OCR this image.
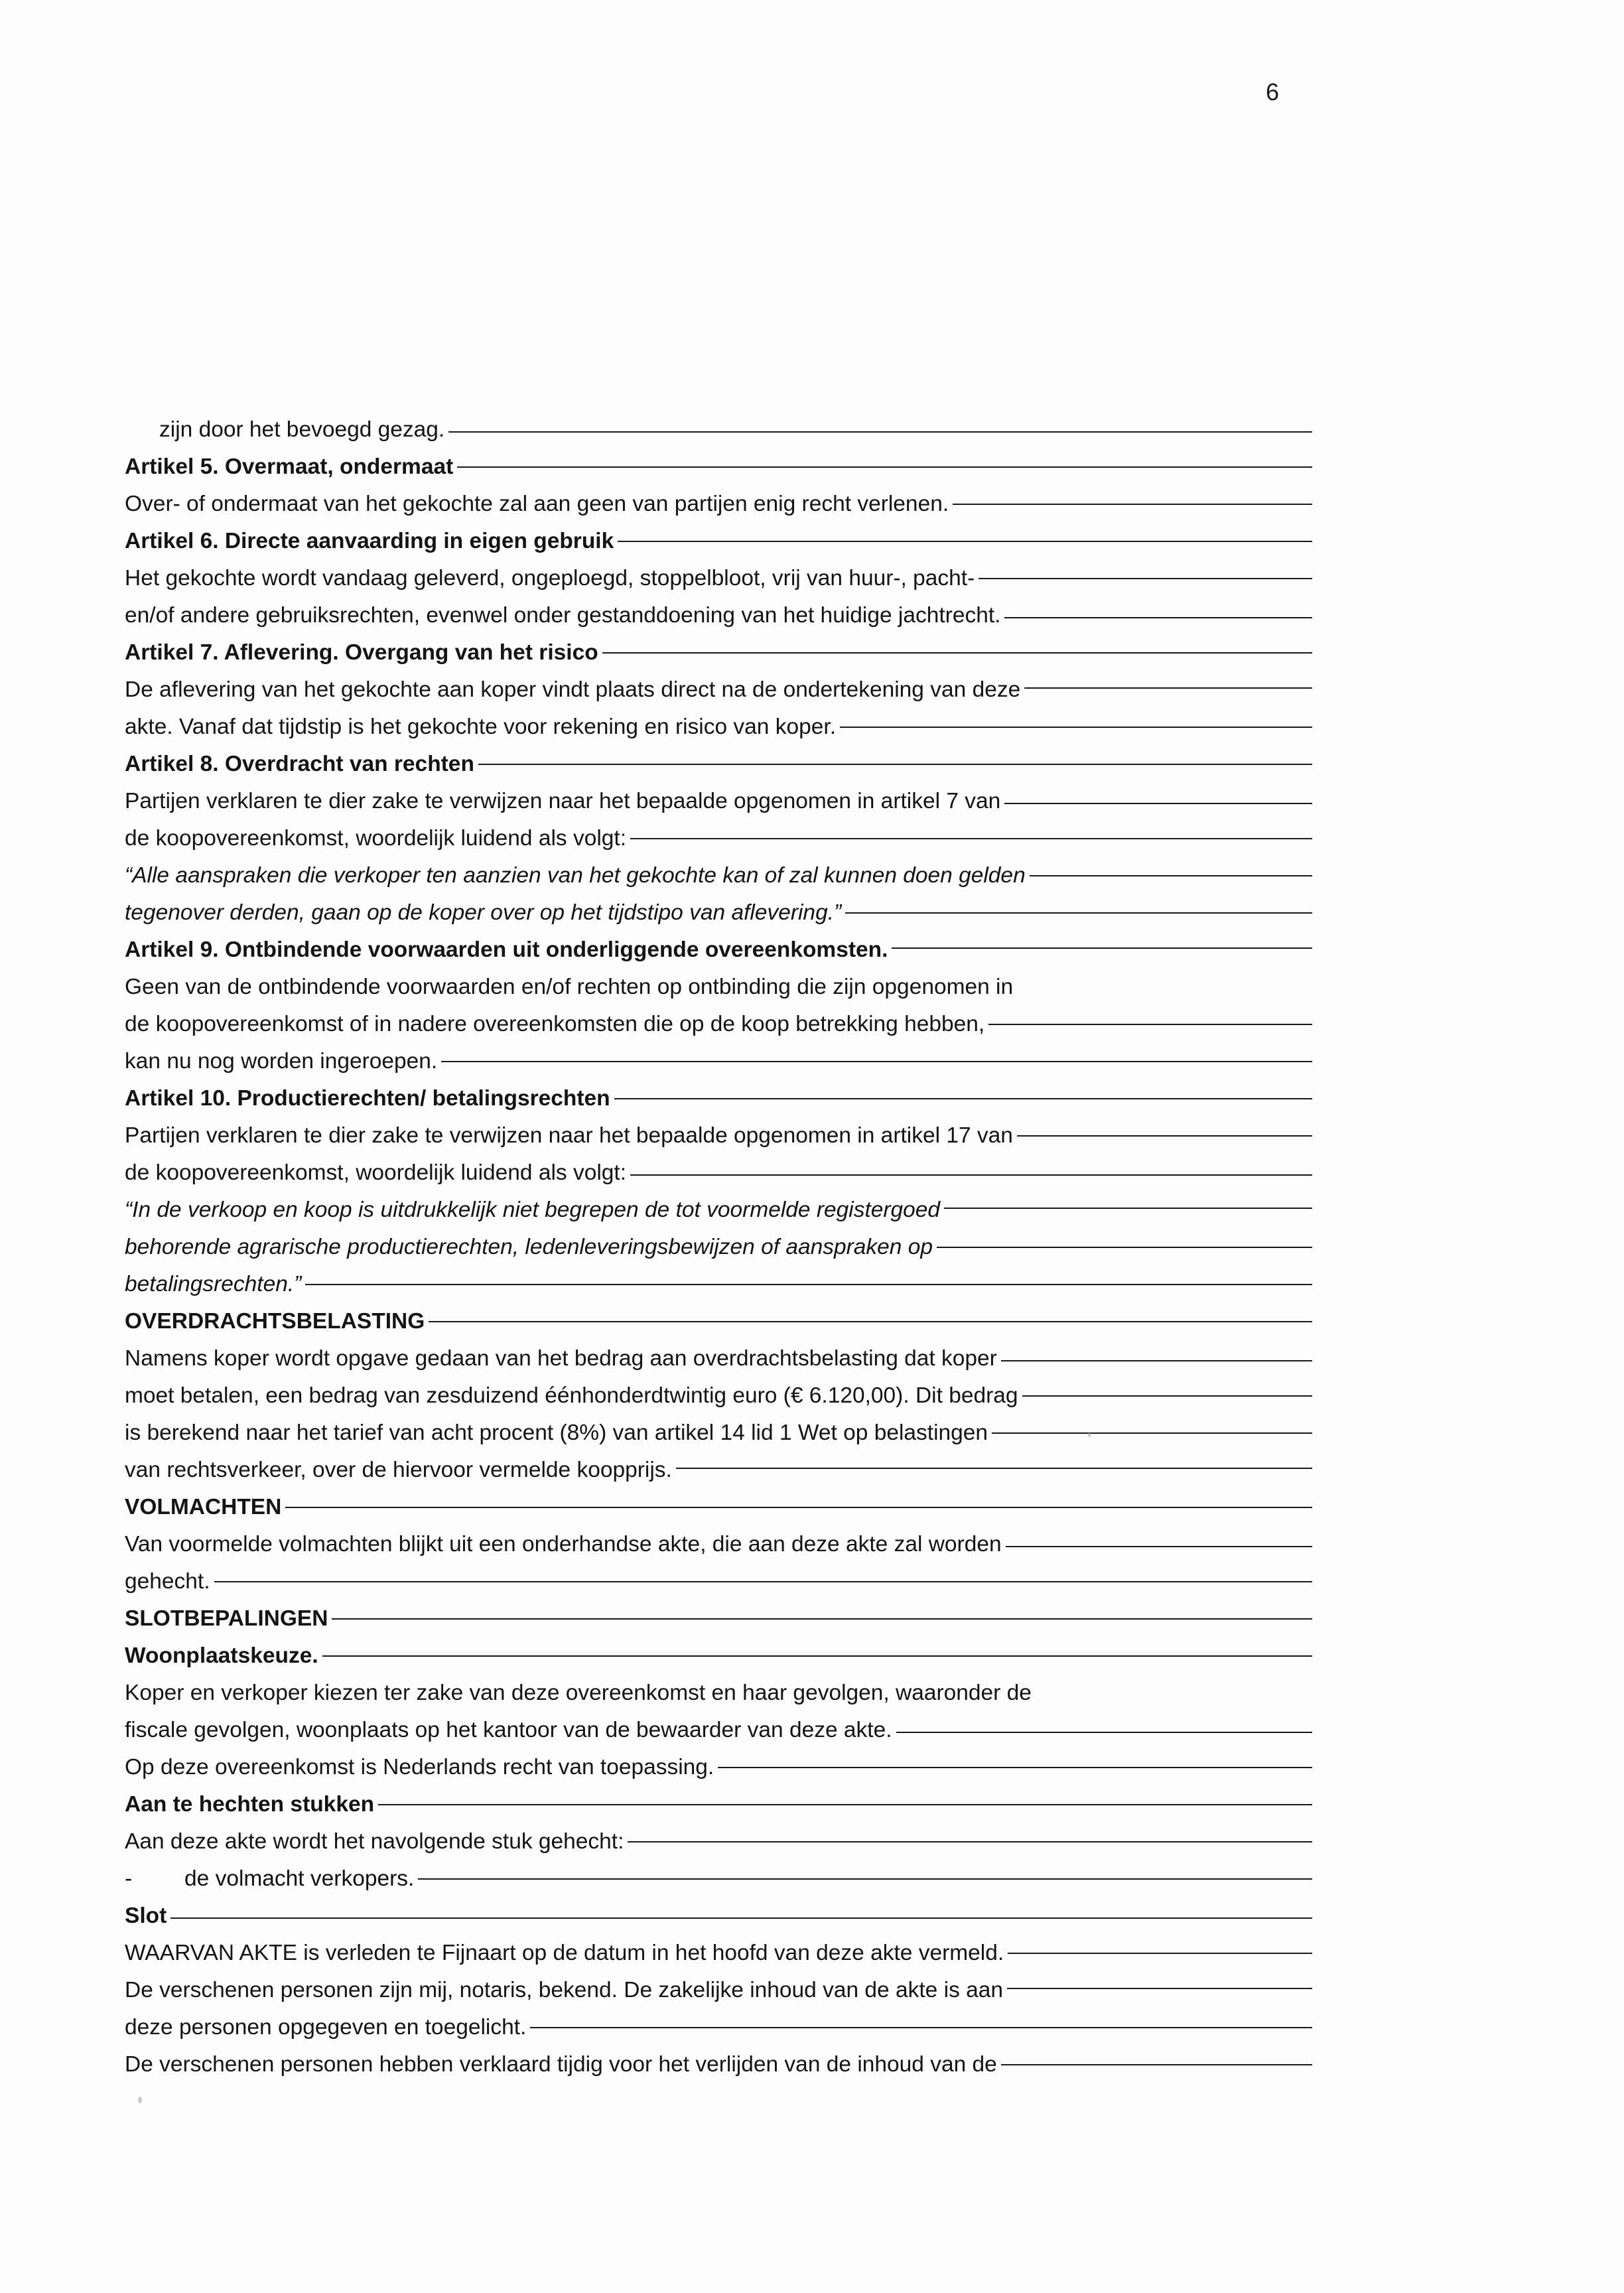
6
zijn door het bevoegd gezag.
Artikel 5. Overmaat, ondermaat
Over- of ondermaat van het gekochte zal aan geen van partijen enig recht verlenen.
Artikel 6. Directe aanvaarding in eigen gebruik
Het gekochte wordt vandaag geleverd, ongeploegd, stoppelbloot, vrij van huur-, pacht-
en/of andere gebruiksrechten, evenwel onder gestanddoening van het huidige jachtrecht.
Artikel 7. Aflevering. Overgang van het risico
De aflevering van het gekochte aan koper vindt plaats direct na de ondertekening van deze
akte. Vanaf dat tijdstip is het gekochte voor rekening en risico van koper.
Artikel 8. Overdracht van rechten
Partijen verklaren te dier zake te verwijzen naar het bepaalde opgenomen in artikel 7 van
de koopovereenkomst, woordelijk luidend als volgt:
“Alle aanspraken die verkoper ten aanzien van het gekochte kan of zal kunnen doen gelden
tegenover derden, gaan op de koper over op het tijdstipo van aflevering.”
Artikel 9. Ontbindende voorwaarden uit onderliggende overeenkomsten.
Geen van de ontbindende voorwaarden en/of rechten op ontbinding die zijn opgenomen in
de koopovereenkomst of in nadere overeenkomsten die op de koop betrekking hebben,
kan nu nog worden ingeroepen.
Artikel 10. Productierechten/ betalingsrechten
Partijen verklaren te dier zake te verwijzen naar het bepaalde opgenomen in artikel 17 van
de koopovereenkomst, woordelijk luidend als volgt:
“In de verkoop en koop is uitdrukkelijk niet begrepen de tot voormelde registergoed
behorende agrarische productierechten, ledenleveringsbewijzen of aanspraken op
betalingsrechten.”
OVERDRACHTSBELASTING
Namens koper wordt opgave gedaan van het bedrag aan overdrachtsbelasting dat koper
moet betalen, een bedrag van zesduizend éénhonderdtwintig euro (€ 6.120,00). Dit bedrag
is berekend naar het tarief van acht procent (8%) van artikel 14 lid 1 Wet op belastingen
van rechtsverkeer, over de hiervoor vermelde koopprijs.
VOLMACHTEN
Van voormelde volmachten blijkt uit een onderhandse akte, die aan deze akte zal worden
gehecht.
SLOTBEPALINGEN
Woonplaatskeuze.
Koper en verkoper kiezen ter zake van deze overeenkomst en haar gevolgen, waaronder de
fiscale gevolgen, woonplaats op het kantoor van de bewaarder van deze akte.
Op deze overeenkomst is Nederlands recht van toepassing.
Aan te hechten stukken
Aan deze akte wordt het navolgende stuk gehecht:
-	de volmacht verkopers.
Slot
WAARVAN AKTE is verleden te Fijnaart op de datum in het hoofd van deze akte vermeld.
De verschenen personen zijn mij, notaris, bekend. De zakelijke inhoud van de akte is aan
deze personen opgegeven en toegelicht.
De verschenen personen hebben verklaard tijdig voor het verlijden van de inhoud van de
